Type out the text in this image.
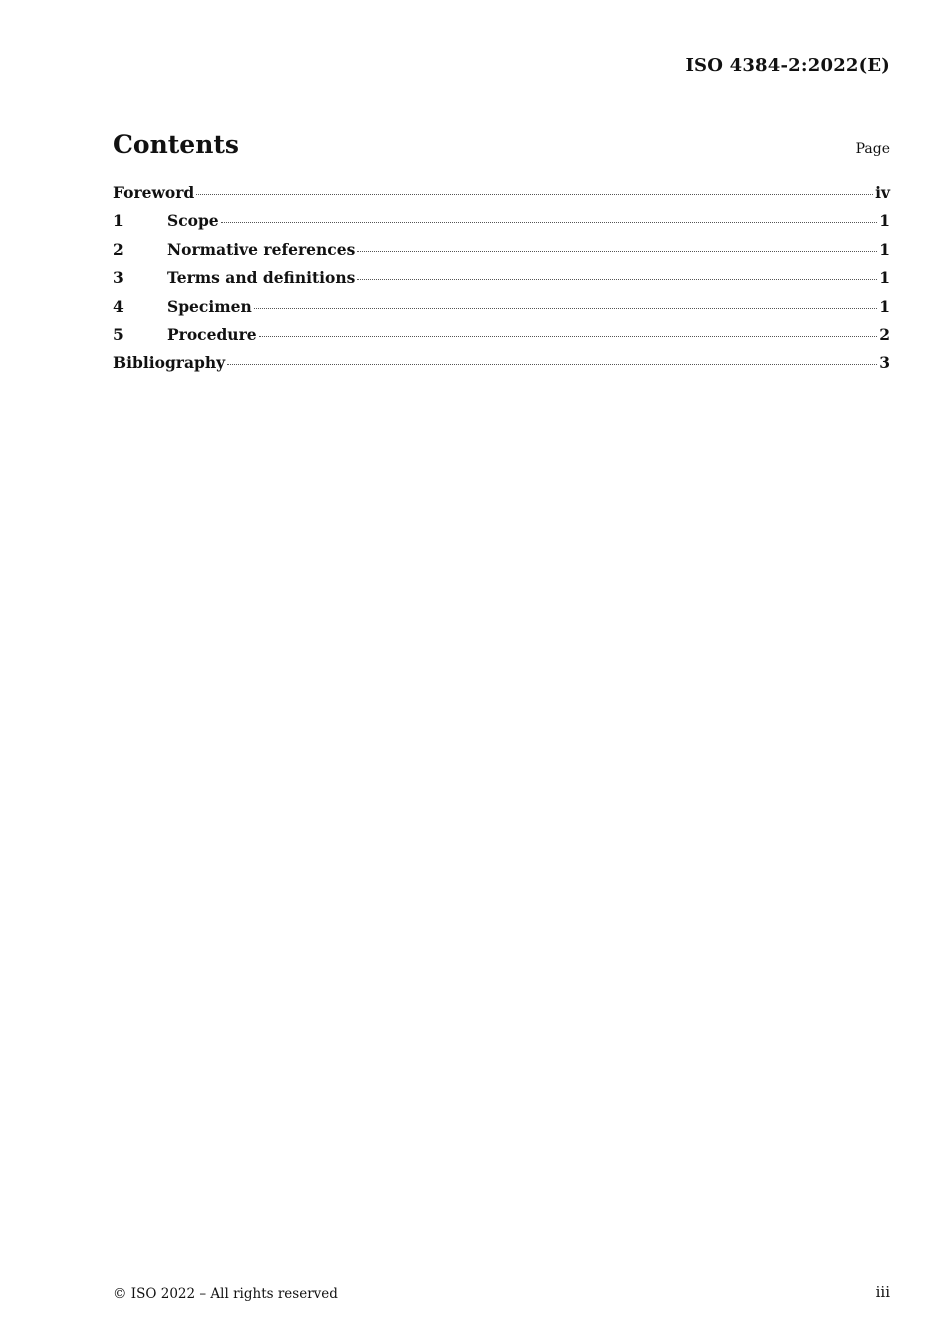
ISO 4384-2:2022(E)
Contents	Page
Foreword	iv
1	Scope	1
2	Normative references	1
3	Terms and definitions	1
4	Specimen	1
5	Procedure	2
Bibliography	3
© ISO 2022 – All rights reserved	iii
